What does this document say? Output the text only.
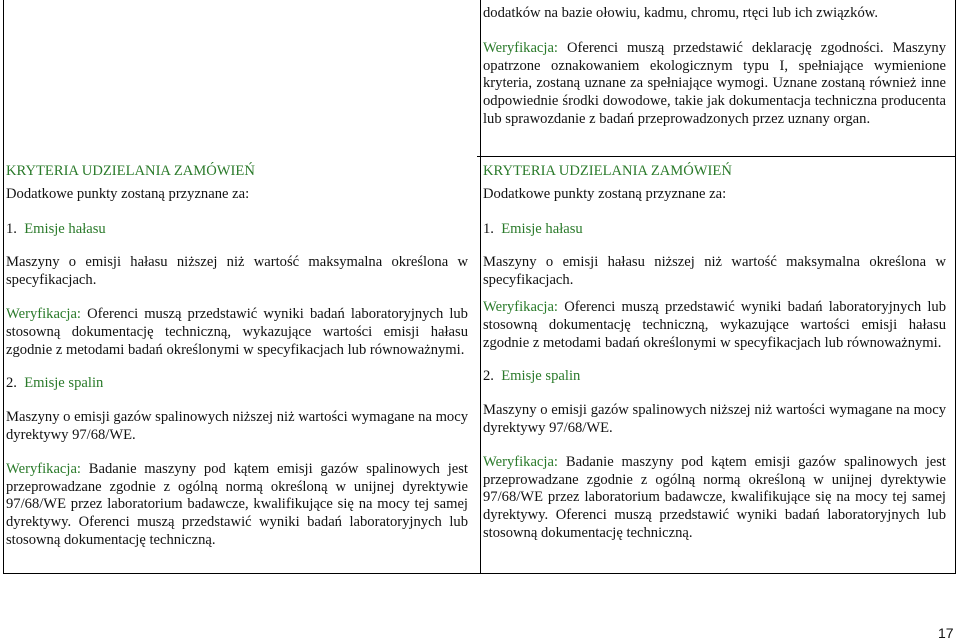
dodatków na bazie ołowiu, kadmu, chromu, rtęci lub ich związków.

Weryfikacja: Oferenci muszą przedstawić deklarację zgodności. Maszyny opatrzone oznakowaniem ekologicznym typu I, spełniające wymienione kryteria, zostaną uznane za spełniające wymogi. Uznane zostaną również inne odpowiednie środki dowodowe, takie jak dokumentacja techniczna producenta lub sprawozdanie z badań przeprowadzonych przez uznany organ.

KRYTERIA UDZIELANIA ZAMÓWIEŃ

Dodatkowe punkty zostaną przyznane za:

1. Emisje hałasu

Maszyny o emisji hałasu niższej niż wartość maksymalna określona w specyfikacjach.

Weryfikacja: Oferenci muszą przedstawić wyniki badań laboratoryjnych lub stosowną dokumentację techniczną, wykazujące wartości emisji hałasu zgodnie z metodami badań określonymi w specyfikacjach lub równoważnymi.

2. Emisje spalin

Maszyny o emisji gazów spalinowych niższej niż wartości wymagane na mocy dyrektywy 97/68/WE.

Weryfikacja: Badanie maszyny pod kątem emisji gazów spalinowych jest przeprowadzane zgodnie z ogólną normą określoną w unijnej dyrektywie 97/68/WE przez laboratorium badawcze, kwalifikujące się na mocy tej samej dyrektywy. Oferenci muszą przedstawić wyniki badań laboratoryjnych lub stosowną dokumentację techniczną.

KRYTERIA UDZIELANIA ZAMÓWIEŃ

Dodatkowe punkty zostaną przyznane za:

1. Emisje hałasu

Maszyny o emisji hałasu niższej niż wartość maksymalna określona w specyfikacjach.

Weryfikacja: Oferenci muszą przedstawić wyniki badań laboratoryjnych lub stosowną dokumentację techniczną, wykazujące wartości emisji hałasu zgodnie z metodami badań określonymi w specyfikacjach lub równoważnymi.

2. Emisje spalin

Maszyny o emisji gazów spalinowych niższej niż wartości wymagane na mocy dyrektywy 97/68/WE.

Weryfikacja: Badanie maszyny pod kątem emisji gazów spalinowych jest przeprowadzane zgodnie z ogólną normą określoną w unijnej dyrektywie 97/68/WE przez laboratorium badawcze, kwalifikujące się na mocy tej samej dyrektywy. Oferenci muszą przedstawić wyniki badań laboratoryjnych lub stosowną dokumentację techniczną.

17
